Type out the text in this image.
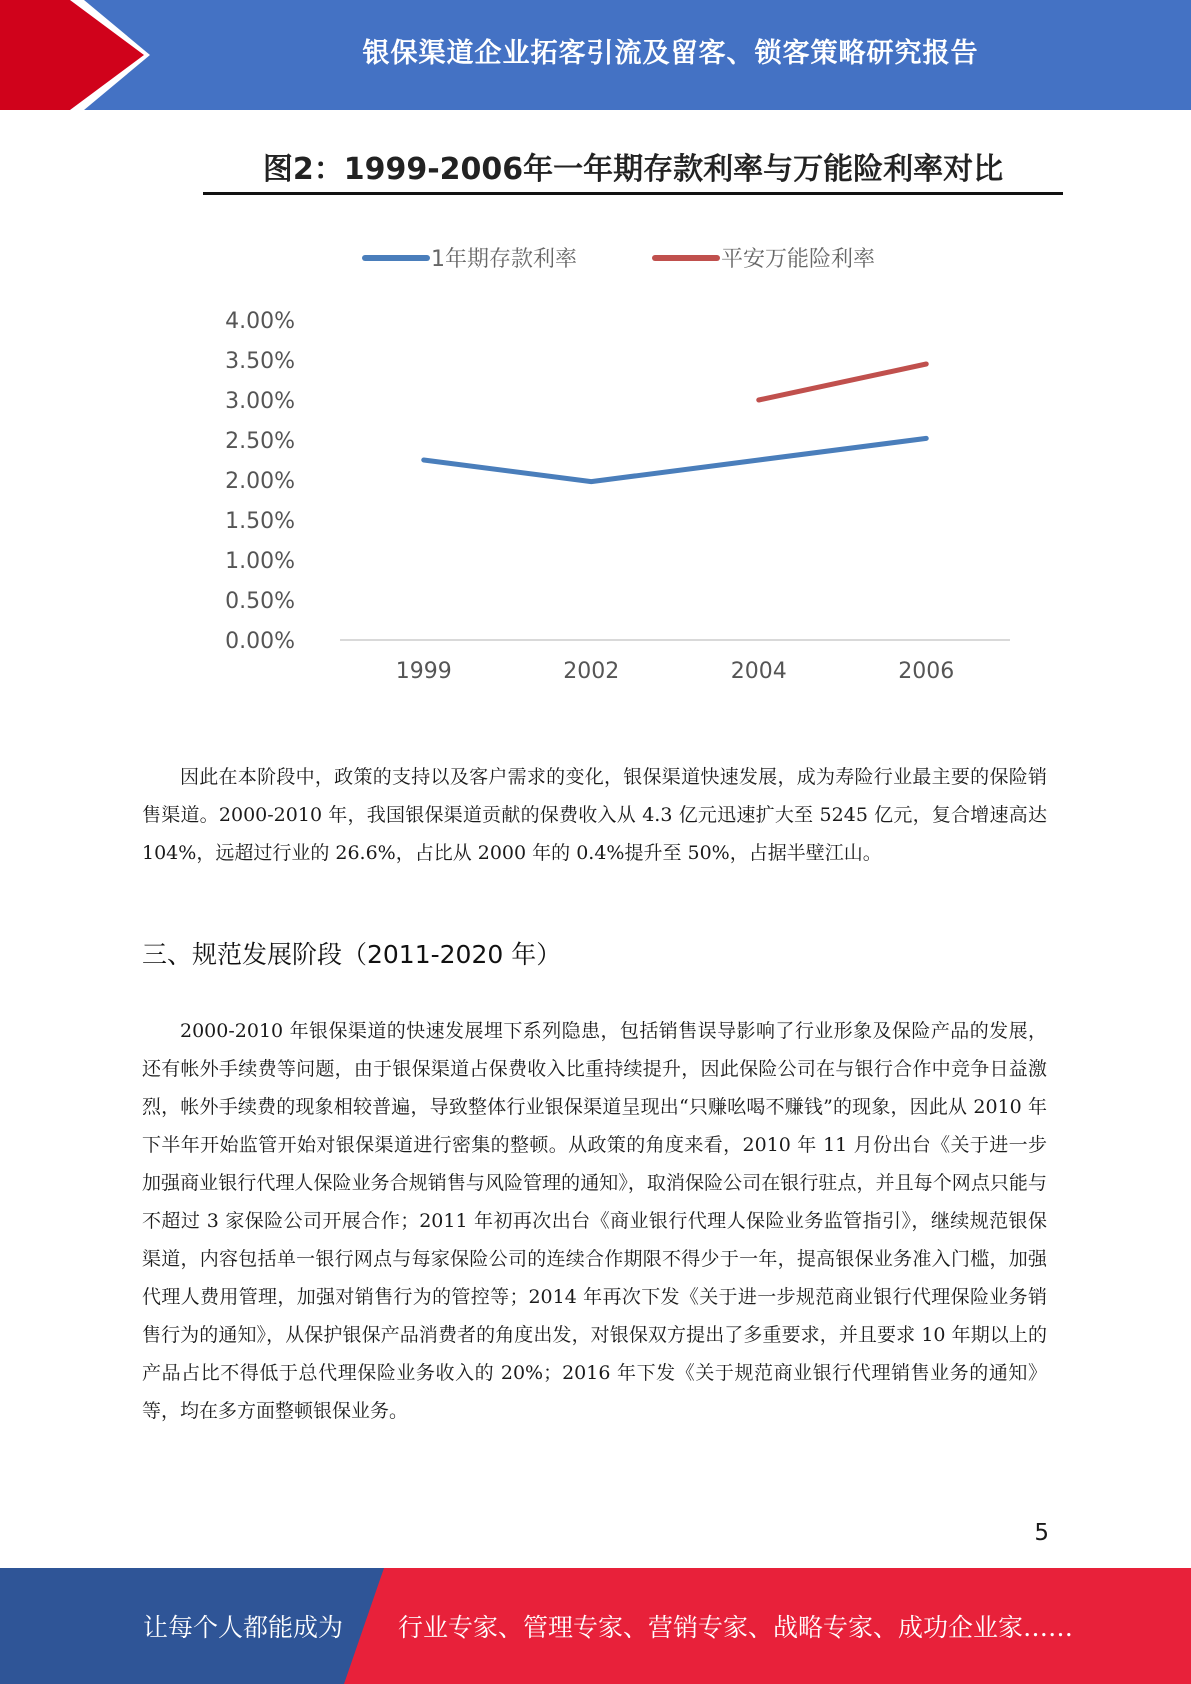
银保渠道企业拓客引流及留客、锁客策略研究报告
图2：1999-2006年一年期存款利率与万能险利率对比
1年期存款利率	平安万能险利率
0.00%
0.50%
1.00%
1.50%
2.00%
2.50%
3.00%
3.50%
4.00%
1999	2002	2004	2006

因此在本阶段中，政策的支持以及客户需求的变化，银保渠道快速发展，成为寿险行业最主要的保险销售渠道。2000-2010 年，我国银保渠道贡献的保费收入从 4.3 亿元迅速扩大至 5245 亿元，复合增速高达 104%，远超过行业的 26.6%，占比从 2000 年的 0.4%提升至 50%，占据半壁江山。

三、规范发展阶段（2011-2020 年）

2000-2010 年银保渠道的快速发展埋下系列隐患，包括销售误导影响了行业形象及保险产品的发展，还有帐外手续费等问题，由于银保渠道占保费收入比重持续提升，因此保险公司在与银行合作中竞争日益激烈，帐外手续费的现象相较普遍，导致整体行业银保渠道呈现出“只赚吆喝不赚钱”的现象，因此从 2010 年下半年开始监管开始对银保渠道进行密集的整顿。从政策的角度来看，2010 年 11 月份出台《关于进一步加强商业银行代理人保险业务合规销售与风险管理的通知》，取消保险公司在银行驻点，并且每个网点只能与不超过 3 家保险公司开展合作；2011 年初再次出台《商业银行代理人保险业务监管指引》，继续规范银保渠道，内容包括单一银行网点与每家保险公司的连续合作期限不得少于一年，提高银保业务准入门槛，加强代理人费用管理，加强对销售行为的管控等；2014 年再次下发《关于进一步规范商业银行代理保险业务销售行为的通知》，从保护银保产品消费者的角度出发，对银保双方提出了多重要求，并且要求 10 年期以上的产品占比不得低于总代理保险业务收入的 20%；2016 年下发《关于规范商业银行代理销售业务的通知》等，均在多方面整顿银保业务。

5
让每个人都能成为 行业专家、管理专家、营销专家、战略专家、成功企业家……
